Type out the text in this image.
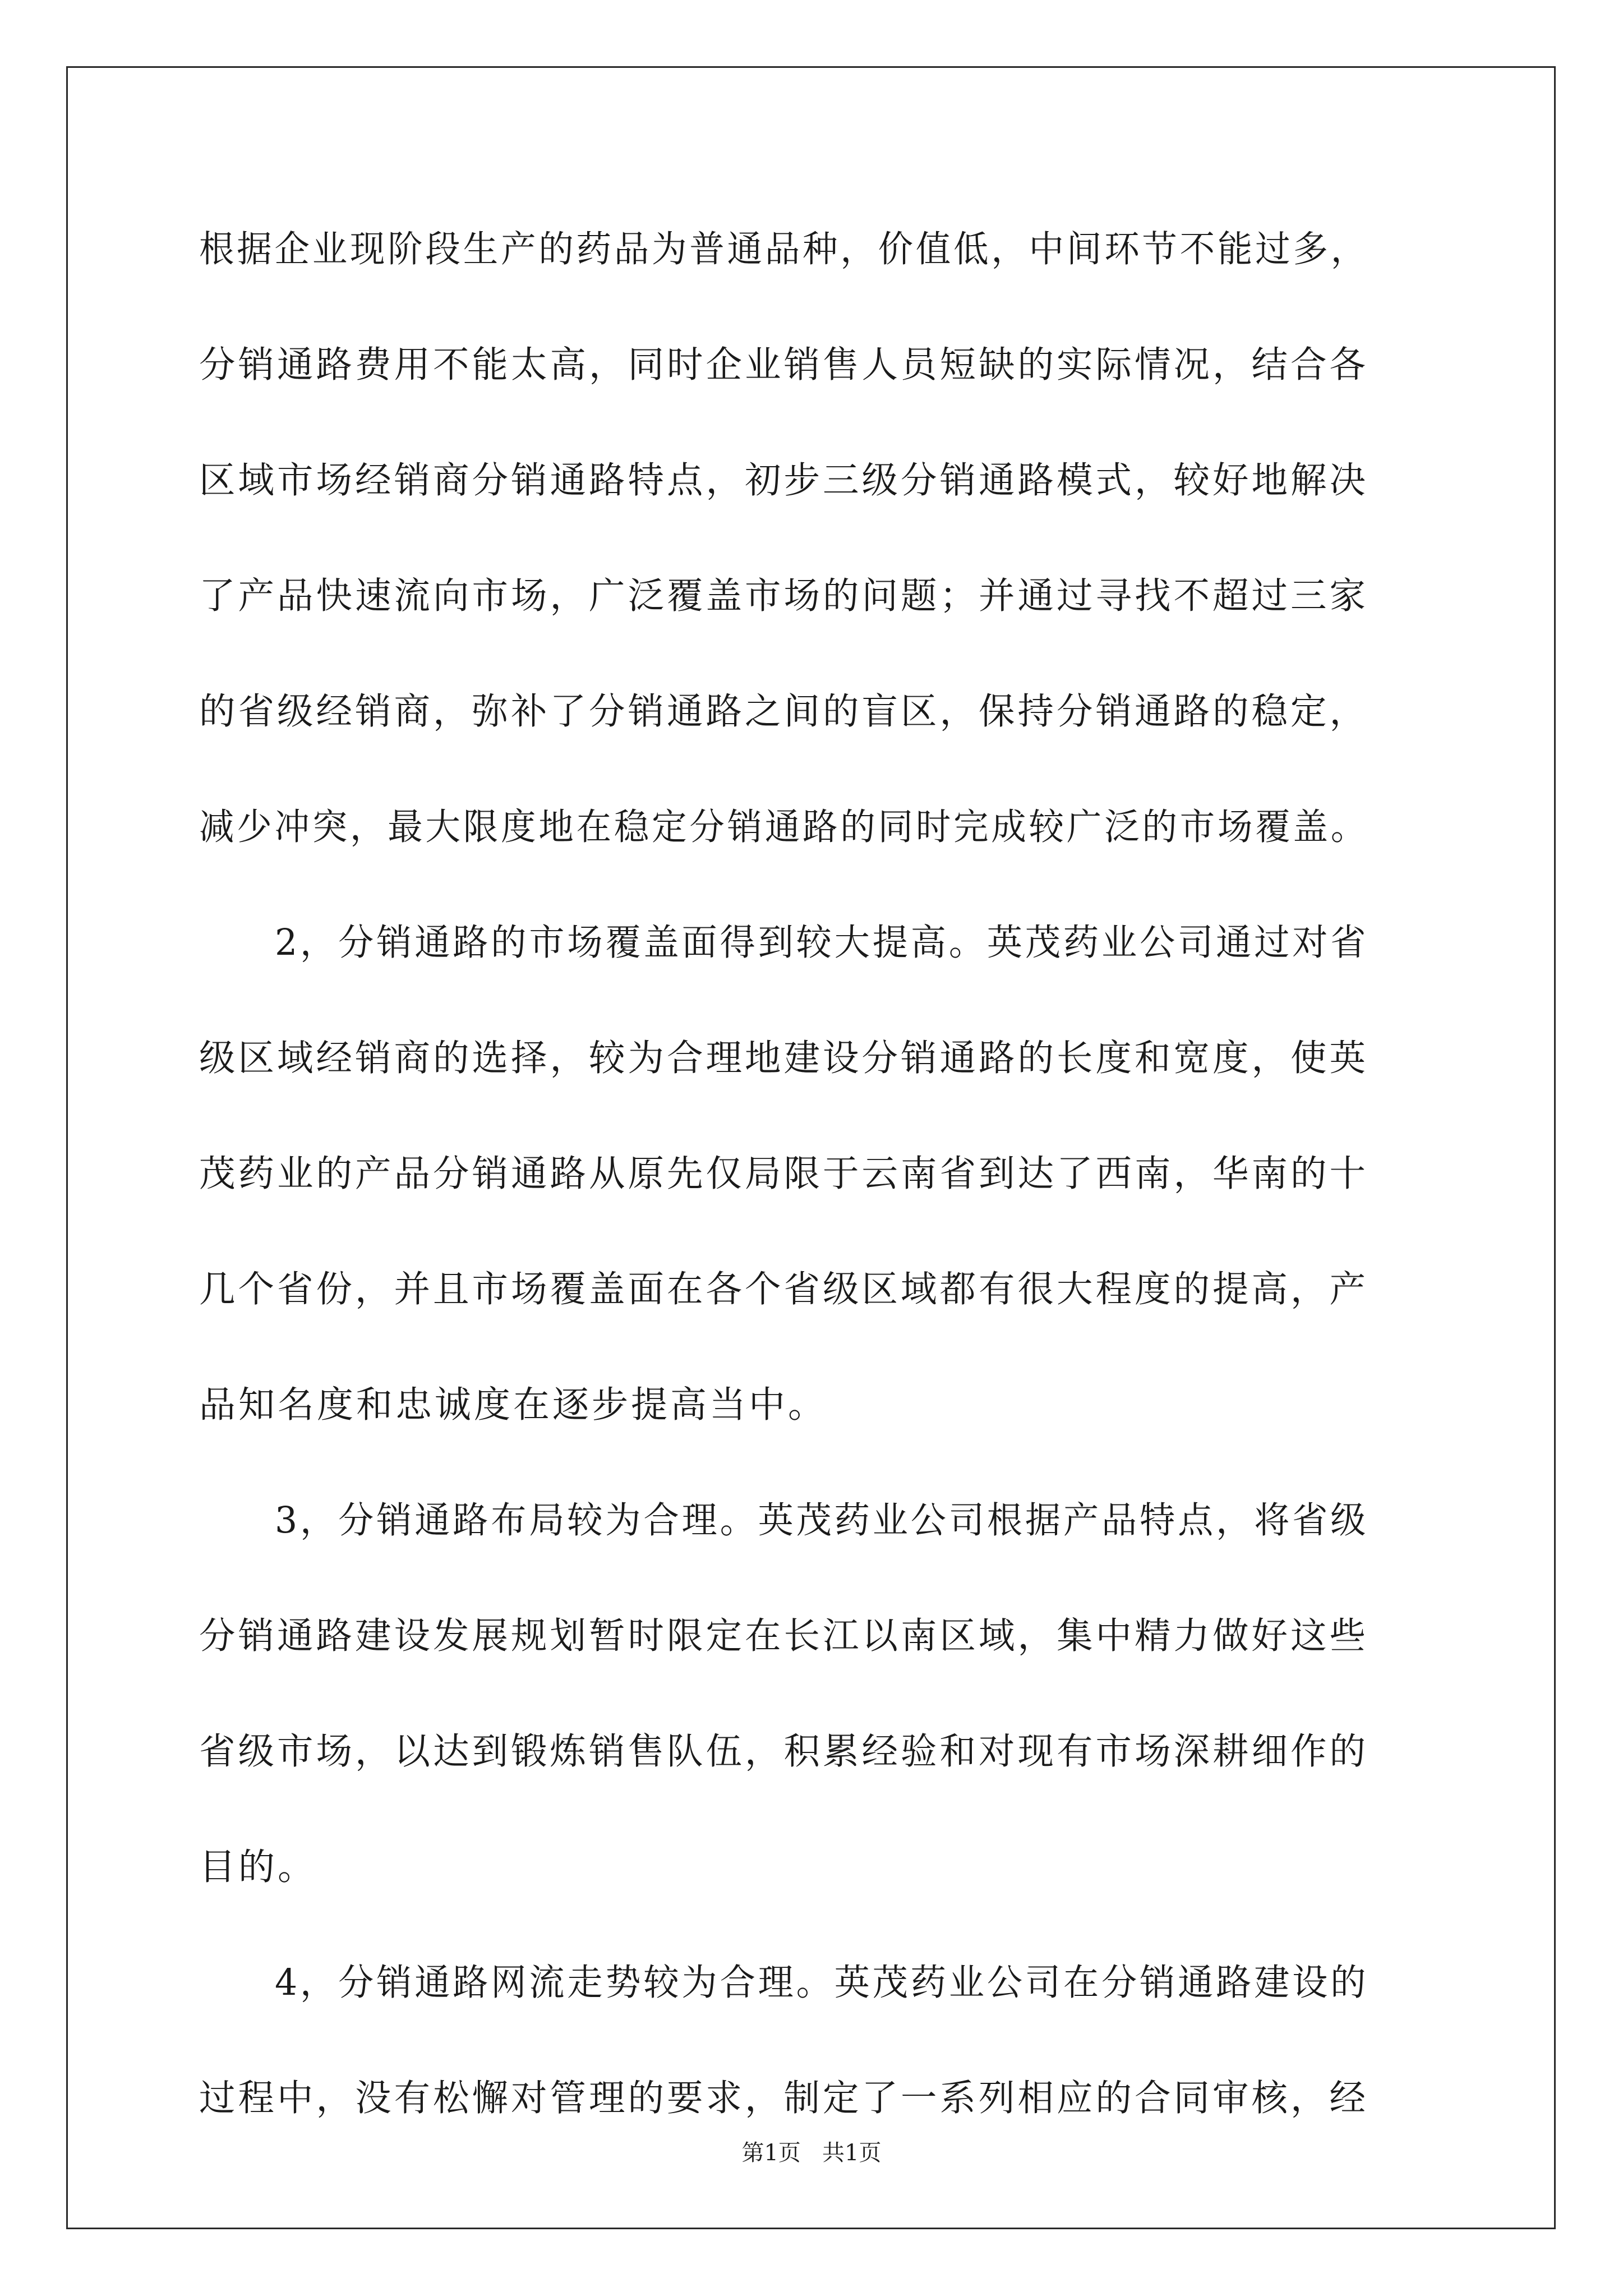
根据企业现阶段生产的药品为普通品种，价值低，中间环节不能过多，
分销通路费用不能太高，同时企业销售人员短缺的实际情况，结合各
区域市场经销商分销通路特点，初步三级分销通路模式，较好地解决
了产品快速流向市场，广泛覆盖市场的问题；并通过寻找不超过三家
的省级经销商，弥补了分销通路之间的盲区，保持分销通路的稳定，
减少冲突，最大限度地在稳定分销通路的同时完成较广泛的市场覆盖。
2，分销通路的市场覆盖面得到较大提高。英茂药业公司通过对省
级区域经销商的选择，较为合理地建设分销通路的长度和宽度，使英
茂药业的产品分销通路从原先仅局限于云南省到达了西南，华南的十
几个省份，并且市场覆盖面在各个省级区域都有很大程度的提高，产
品知名度和忠诚度在逐步提高当中。
3，分销通路布局较为合理。英茂药业公司根据产品特点，将省级
分销通路建设发展规划暂时限定在长江以南区域，集中精力做好这些
省级市场，以达到锻炼销售队伍，积累经验和对现有市场深耕细作的
目的。
4，分销通路网流走势较为合理。英茂药业公司在分销通路建设的
过程中，没有松懈对管理的要求，制定了一系列相应的合同审核，经
第1页   共1页
